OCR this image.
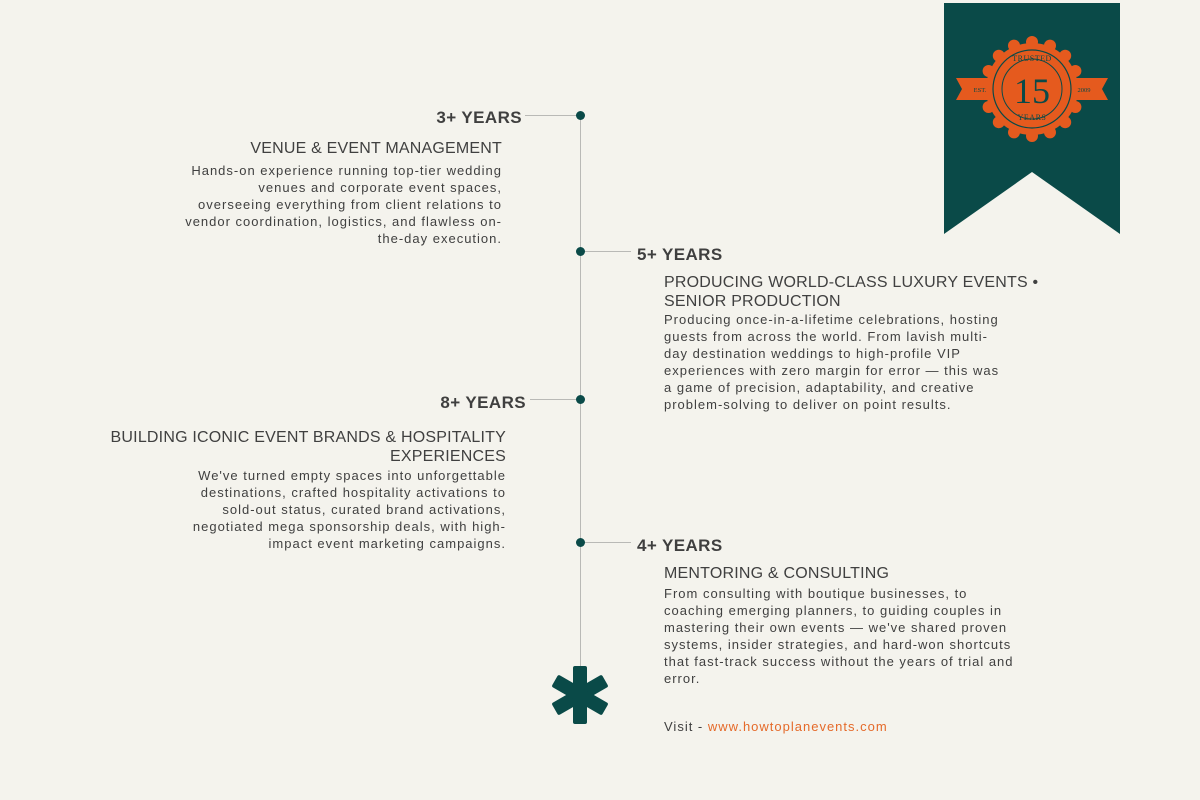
TRUSTED
15
YEARS
EST.	2009
3+ YEARS
VENUE & EVENT MANAGEMENT
Hands-on experience running top-tier wedding venues and corporate event spaces, overseeing everything from client relations to vendor coordination, logistics, and flawless on-the-day execution.
5+ YEARS
PRODUCING WORLD-CLASS LUXURY EVENTS • SENIOR PRODUCTION
Producing once-in-a-lifetime celebrations, hosting guests from across the world. From lavish multi-day destination weddings to high-profile VIP experiences with zero margin for error — this was a game of precision, adaptability, and creative problem-solving to deliver on point results.
8+ YEARS
BUILDING ICONIC EVENT BRANDS & HOSPITALITY EXPERIENCES
We've turned empty spaces into unforgettable destinations, crafted hospitality activations to sold-out status, curated brand activations, negotiated mega sponsorship deals, with high-impact event marketing campaigns.	4+ YEARS
MENTORING & CONSULTING
From consulting with boutique businesses, to coaching emerging planners, to guiding couples in mastering their own events — we've shared proven systems, insider strategies, and hard-won shortcuts that fast-track success without the years of trial and error.
Visit - www.howtoplanevents.com
